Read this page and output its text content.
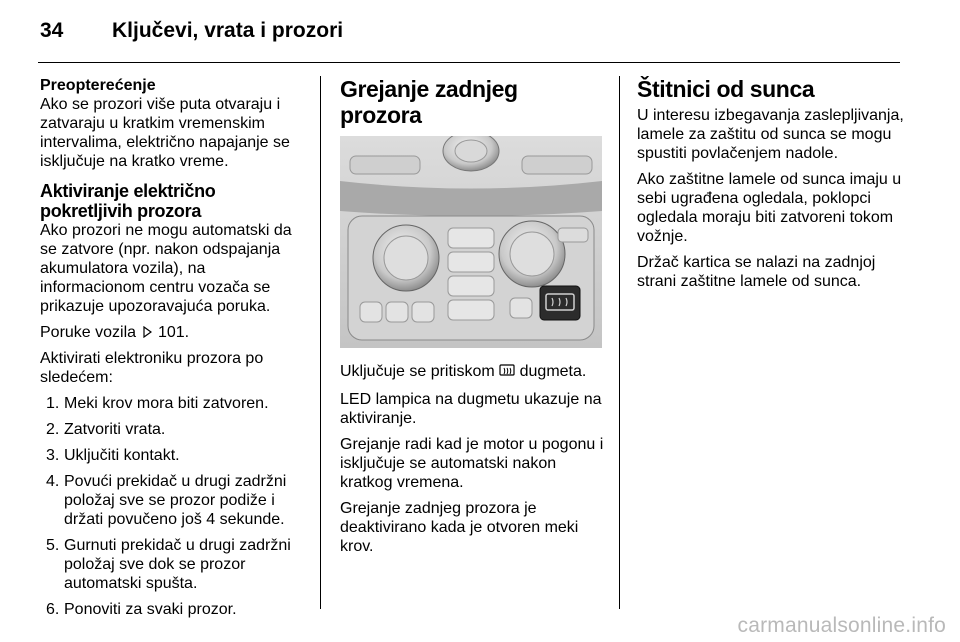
34 Ključevi, vrata i prozori
Preopterećenje

Ako se prozori više puta otvaraju i zatvaraju u kratkim vremenskim intervalima, električno napajanje se isključuje na kratko vreme.

Aktiviranje električno pokretljivih prozora

Ako prozori ne mogu automatski da se zatvore (npr. nakon odspajanja akumulatora vozila), na informacionom centru vozača se prikazuje upozoravajuća poruka.

Poruke vozila 101.

Aktivirati elektroniku prozora po sledećem:

1. Meki krov mora biti zatvoren.
2. Zatvoriti vrata.
3. Uključiti kontakt.
4. Povući prekidač u drugi zadržni položaj sve se prozor podiže i držati povučeno još 4 sekunde.
5. Gurnuti prekidač u drugi zadržni položaj sve dok se prozor automatski spušta.
6. Ponoviti za svaki prozor.
Grejanje zadnjeg prozora

Uključuje se pritiskom dugmeta.

LED lampica na dugmetu ukazuje na aktiviranje.

Grejanje radi kad je motor u pogonu i isključuje se automatski nakon kratkog vremena.

Grejanje zadnjeg prozora je deaktivirano kada je otvoren meki krov.

Štitnici od sunca

U interesu izbegavanja zaslepljivanja, lamele za zaštitu od sunca se mogu spustiti povlačenjem nadole.

Ako zaštitne lamele od sunca imaju u sebi ugrađena ogledala, poklopci ogledala moraju biti zatvoreni tokom vožnje.

Držač kartica se nalazi na zadnjoj strani zaštitne lamele od sunca.

carmanualsonline.info
